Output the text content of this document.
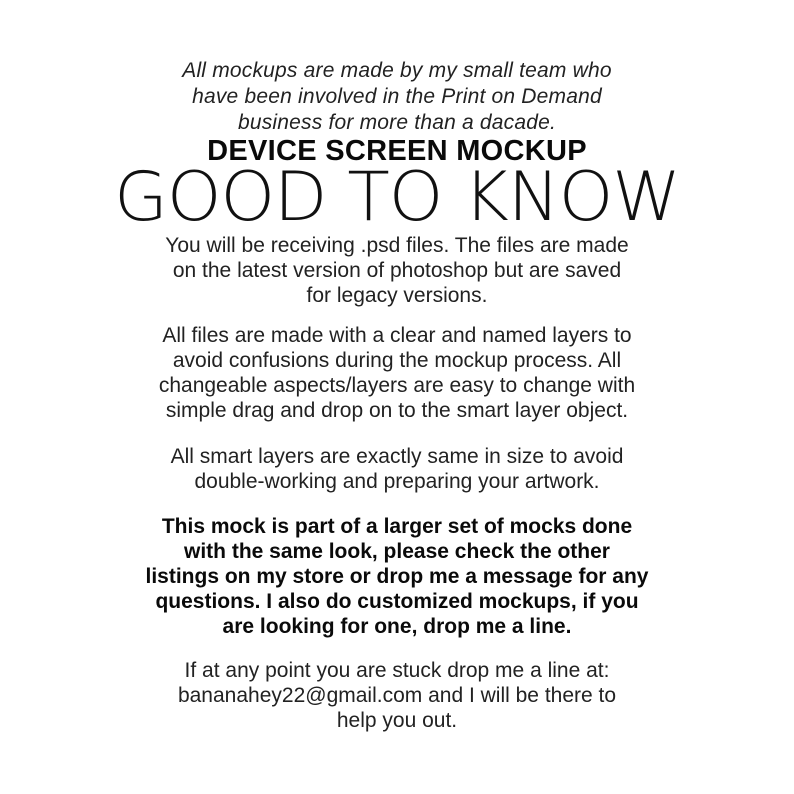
All mockups are made by my small team who
have been involved in the Print on Demand
business for more than a dacade.
DEVICE SCREEN MOCKUP
GOOD TO KNOW
You will be receiving .psd files. The files are made
on the latest version of photoshop but are saved
for legacy versions.
All files are made with a clear and named layers to
avoid confusions during the mockup process. All
changeable aspects/layers are easy to change with
simple drag and drop on to the smart layer object.
All smart layers are exactly same in size to avoid
double-working and preparing your artwork.
This mock is part of a larger set of mocks done
with the same look, please check the other
listings on my store or drop me a message for any
questions. I also do customized mockups, if you
are looking for one, drop me a line.
If at any point you are stuck drop me a line at:
bananahey22@gmail.com and I will be there to
help you out.
